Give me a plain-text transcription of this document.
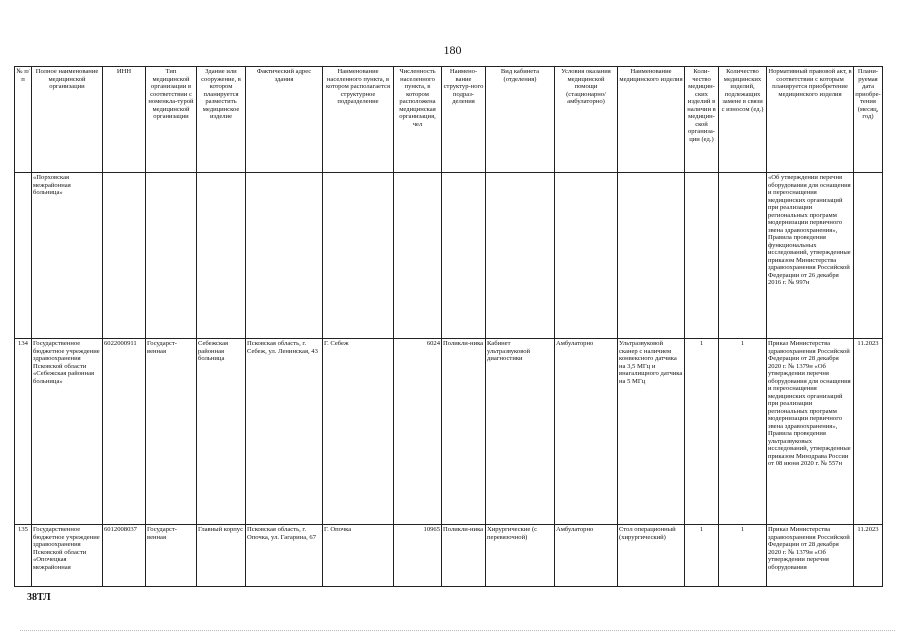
180
№ п/п	Полное наименование медицинской организации	ИНН	Тип медицинской организации в соответствии с номенкла-турой медицинской организации	Здание или сооружение, в котором планируется разместить медицинское изделие	Фактический адрес здания	Наименование населенного пункта, в котором располагается структурное подразделение	Численность населенного пункта, в котором расположена медицинская организация, чел	Наимено-вание структур-ного подраз-деления	Вид кабинета (отделения)	Условия оказания медицинской помощи (стационарно/ амбулаторно)	Наименование медицинского изделия	Коли-чество медицин-ских изделий в наличии в медицин-ской организа-ции (ед.)	Количество медицинских изделий, подлежащих замене в связи с износом (ед.)	Нормативный правовой акт, в соответствии с которым планируется приобретение медицинского изделия	Плани-руемая дата приобре-тения (месяц, год)
	«Порховская межрайонная больница»													«Об утверждении перечня оборудования для оснащения и переоснащения медицинских организаций при реализации региональных программ модернизации первичного звена здравоохранения», Правила проведения функциональных исследований, утвержденные приказом Министерства здравоохранения Российской Федерации от 26 декабря 2016 г. № 997н	
134	Государственное бюджетное учреждение здравоохранения Псковской области «Себежская районная больница»	6022000911	Государст-венная	Себежская районная больница	Псковская область, г. Себеж, ул. Ленинская, 43	Г. Себеж	6024	Поликли-ника	Кабинет ультразвуковой диагностики	Амбулаторно	Ультразвуковой сканер с наличием конвексного датчика на 3,5 МГц и внагалищного датчика на 5 МГц	1	1	Приказ Министерства здравоохранения Российской Федерации от 28 декабря 2020 г. № 1379н «Об утверждении перечня оборудования для оснащения и переоснащения медицинских организаций при реализации региональных программ модернизации первичного звена здравоохранения», Правила проведения ультразвуковых исследований, утвержденные приказом Минздрава России от 08 июня 2020 г. № 557н	11.2023
135	Государственное бюджетное учреждение здравоохранения Псковской области «Опочецкая межрайонная	6012008037	Государст-венная	Главный корпус	Псковская область, г. Опочка, ул. Гагарина, 67	Г. Опочка	10965	Поликли-ника	Хирургические (с перевязочной)	Амбулаторно	Стол операционный (хирургический)	1	1	Приказ Министерства здравоохранения Российской Федерации от 28 декабря 2020 г. № 1379н «Об утверждении перечня оборудования	11.2023
38ТЛ
